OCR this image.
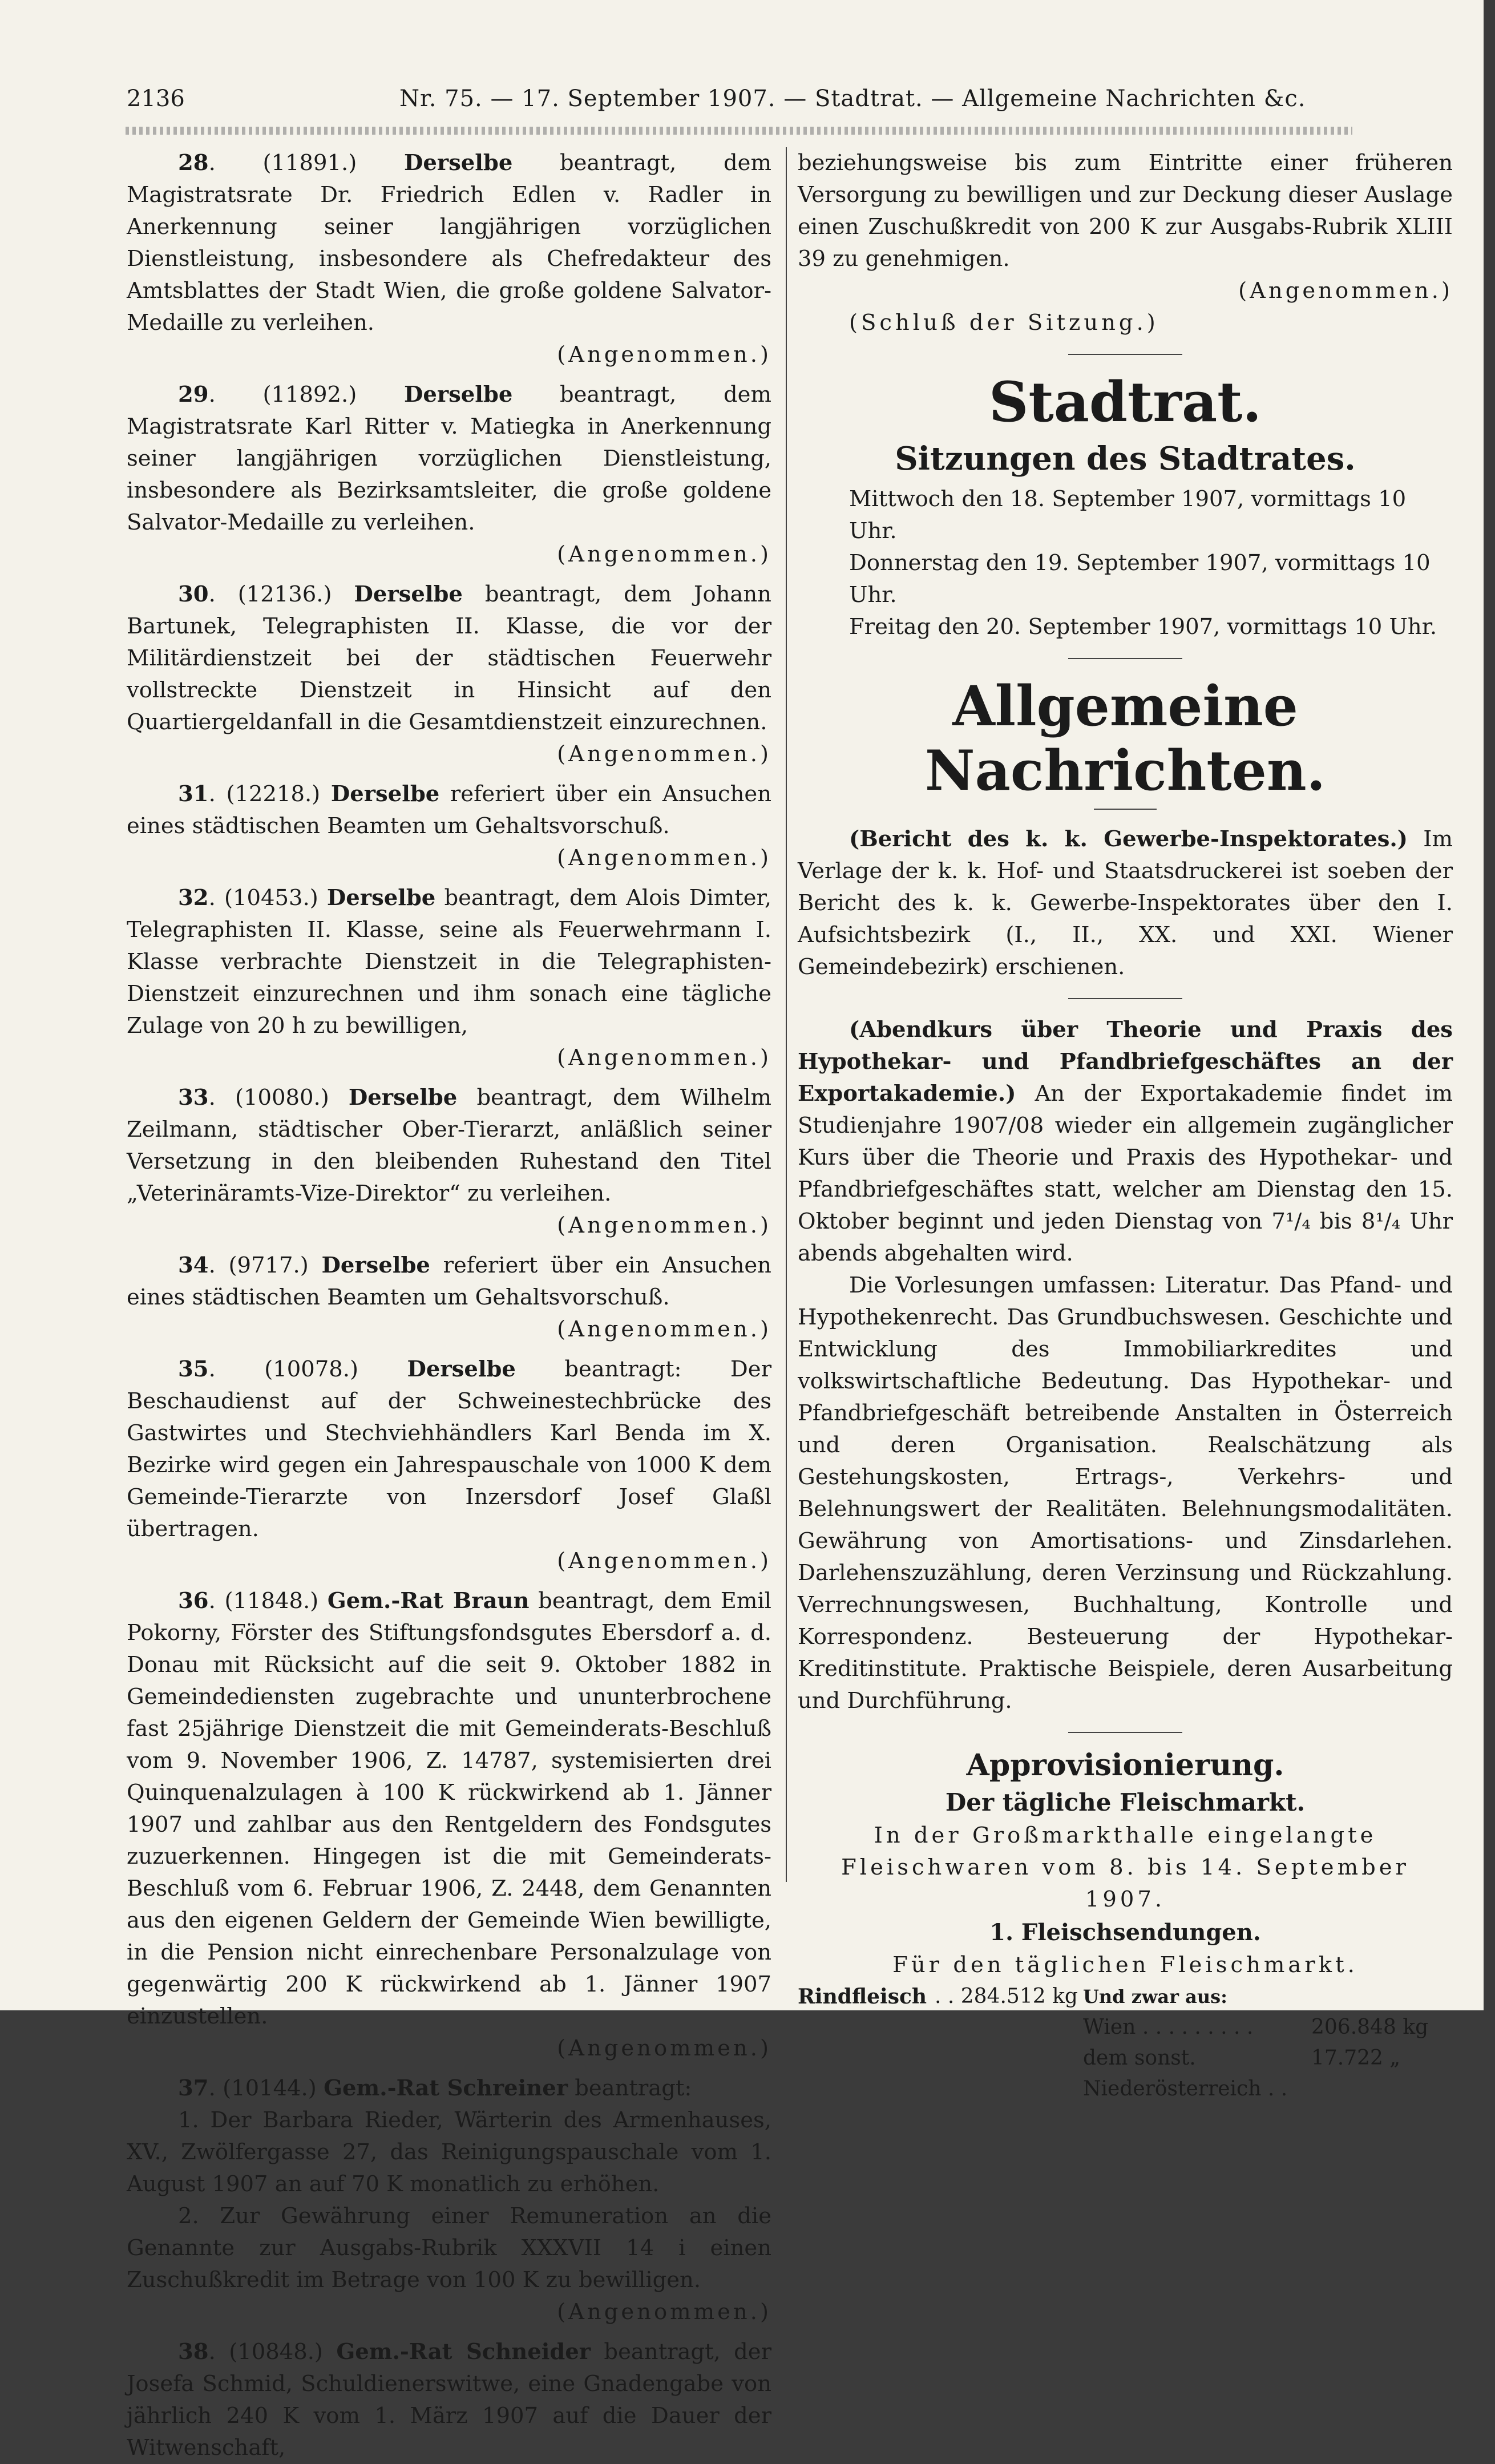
2136	Nr. 75. — 17. September 1907. — Stadtrat. — Allgemeine Nachrichten &c.

28. (11891.) Derselbe beantragt, dem Magistratsrate Dr. Friedrich Edlen v. Radler in Anerkennung seiner langjährigen vorzüglichen Dienstleistung, insbesondere als Chefredakteur des Amtsblattes der Stadt Wien, die große goldene Salvator-Medaille zu verleihen.

(Angenommen.)

29. (11892.) Derselbe beantragt, dem Magistratsrate Karl Ritter v. Matiegka in Anerkennung seiner langjährigen vorzüglichen Dienstleistung, insbesondere als Bezirksamtsleiter, die große goldene Salvator-Medaille zu verleihen.

(Angenommen.)

30. (12136.) Derselbe beantragt, dem Johann Bartunek, Telegraphisten II. Klasse, die vor der Militärdienstzeit bei der städtischen Feuerwehr vollstreckte Dienstzeit in Hinsicht auf den Quartiergeldanfall in die Gesamtdienstzeit einzurechnen.

(Angenommen.)

31. (12218.) Derselbe referiert über ein Ansuchen eines städtischen Beamten um Gehaltsvorschuß.

(Angenommen.)

32. (10453.) Derselbe beantragt, dem Alois Dimter, Telegraphisten II. Klasse, seine als Feuerwehrmann I. Klasse verbrachte Dienstzeit in die Telegraphisten-Dienstzeit einzurechnen und ihm sonach eine tägliche Zulage von 20 h zu bewilligen,

(Angenommen.)

33. (10080.) Derselbe beantragt, dem Wilhelm Zeilmann, städtischer Ober-Tierarzt, anläßlich seiner Versetzung in den bleibenden Ruhestand den Titel „Veterinäramts-Vize-Direktor“ zu verleihen.

(Angenommen.)

34. (9717.) Derselbe referiert über ein Ansuchen eines städtischen Beamten um Gehaltsvorschuß.

(Angenommen.)

35. (10078.) Derselbe beantragt: Der Beschaudienst auf der Schweinestechbrücke des Gastwirtes und Stechviehhändlers Karl Benda im X. Bezirke wird gegen ein Jahrespauschale von 1000 K dem Gemeinde-Tierarzte von Inzersdorf Josef Glaßl übertragen.

(Angenommen.)

36. (11848.) Gem.-Rat Braun beantragt, dem Emil Pokorny, Förster des Stiftungsfondsgutes Ebersdorf a. d. Donau mit Rücksicht auf die seit 9. Oktober 1882 in Gemeindediensten zugebrachte und ununterbrochene fast 25jährige Dienstzeit die mit Gemeinderats-Beschluß vom 9. November 1906, Z. 14787, systemisierten drei Quinquenalzulagen à 100 K rückwirkend ab 1. Jänner 1907 und zahlbar aus den Rentgeldern des Fondsgutes zuzuerkennen. Hingegen ist die mit Gemeinderats-Beschluß vom 6. Februar 1906, Z. 2448, dem Genannten aus den eigenen Geldern der Gemeinde Wien bewilligte, in die Pension nicht einrechenbare Personalzulage von gegenwärtig 200 K rückwirkend ab 1. Jänner 1907 einzustellen.

(Angenommen.)

37. (10144.) Gem.-Rat Schreiner beantragt:

1. Der Barbara Rieder, Wärterin des Armenhauses, XV., Zwölfergasse 27, das Reinigungspauschale vom 1. August 1907 an auf 70 K monatlich zu erhöhen.

2. Zur Gewährung einer Remuneration an die Genannte zur Ausgabs-Rubrik XXXVII 14 i einen Zuschußkredit im Betrage von 100 K zu bewilligen.

(Angenommen.)

38. (10848.) Gem.-Rat Schneider beantragt, der Josefa Schmid, Schuldienerswitwe, eine Gnadengabe von jährlich 240 K vom 1. März 1907 auf die Dauer der Witwenschaft,

beziehungsweise bis zum Eintritte einer früheren Versorgung zu bewilligen und zur Deckung dieser Auslage einen Zuschußkredit von 200 K zur Ausgabs-Rubrik XLIII 39 zu genehmigen.

(Angenommen.)

(Schluß der Sitzung.)

Stadtrat.
Sitzungen des Stadtrates.

Mittwoch den 18. September 1907, vormittags 10 Uhr.

Donnerstag den 19. September 1907, vormittags 10 Uhr.

Freitag den 20. September 1907, vormittags 10 Uhr.

Allgemeine Nachrichten.

(Bericht des k. k. Gewerbe-Inspektorates.) Im Verlage der k. k. Hof- und Staatsdruckerei ist soeben der Bericht des k. k. Gewerbe-Inspektorates über den I. Aufsichtsbezirk (I., II., XX. und XXI. Wiener Gemeindebezirk) erschienen.

(Abendkurs über Theorie und Praxis des Hypothekar- und Pfandbriefgeschäftes an der Exportakademie.) An der Exportakademie findet im Studienjahre 1907/08 wieder ein allgemein zugänglicher Kurs über die Theorie und Praxis des Hypothekar- und Pfandbriefgeschäftes statt, welcher am Dienstag den 15. Oktober beginnt und jeden Dienstag von 7¹/₄ bis 8¹/₄ Uhr abends abgehalten wird.

Die Vorlesungen umfassen: Literatur. Das Pfand- und Hypothekenrecht. Das Grundbuchswesen. Geschichte und Entwicklung des Immobiliarkredites und volkswirtschaftliche Bedeutung. Das Hypothekar- und Pfandbriefgeschäft betreibende Anstalten in Österreich und deren Organisation. Realschätzung als Gestehungskosten, Ertrags-, Verkehrs- und Belehnungswert der Realitäten. Belehnungsmodalitäten. Gewährung von Amortisations- und Zinsdarlehen. Darlehenszuzählung, deren Verzinsung und Rückzahlung. Verrechnungswesen, Buchhaltung, Kontrolle und Korrespondenz. Besteuerung der Hypothekar-Kreditinstitute. Praktische Beispiele, deren Ausarbeitung und Durchführung.

Approvisionierung.
Der tägliche Fleischmarkt.

In der Großmarkthalle eingelangte Fleischwaren vom 8. bis 14. September 1907.

1. Fleischsendungen.

Für den täglichen Fleischmarkt.

Rindfleisch . . 284.512 kg Und zwar aus:
Wien . . . . . . . . .	206.848 kg
dem sonst. Niederösterreich . .
17.722 „
